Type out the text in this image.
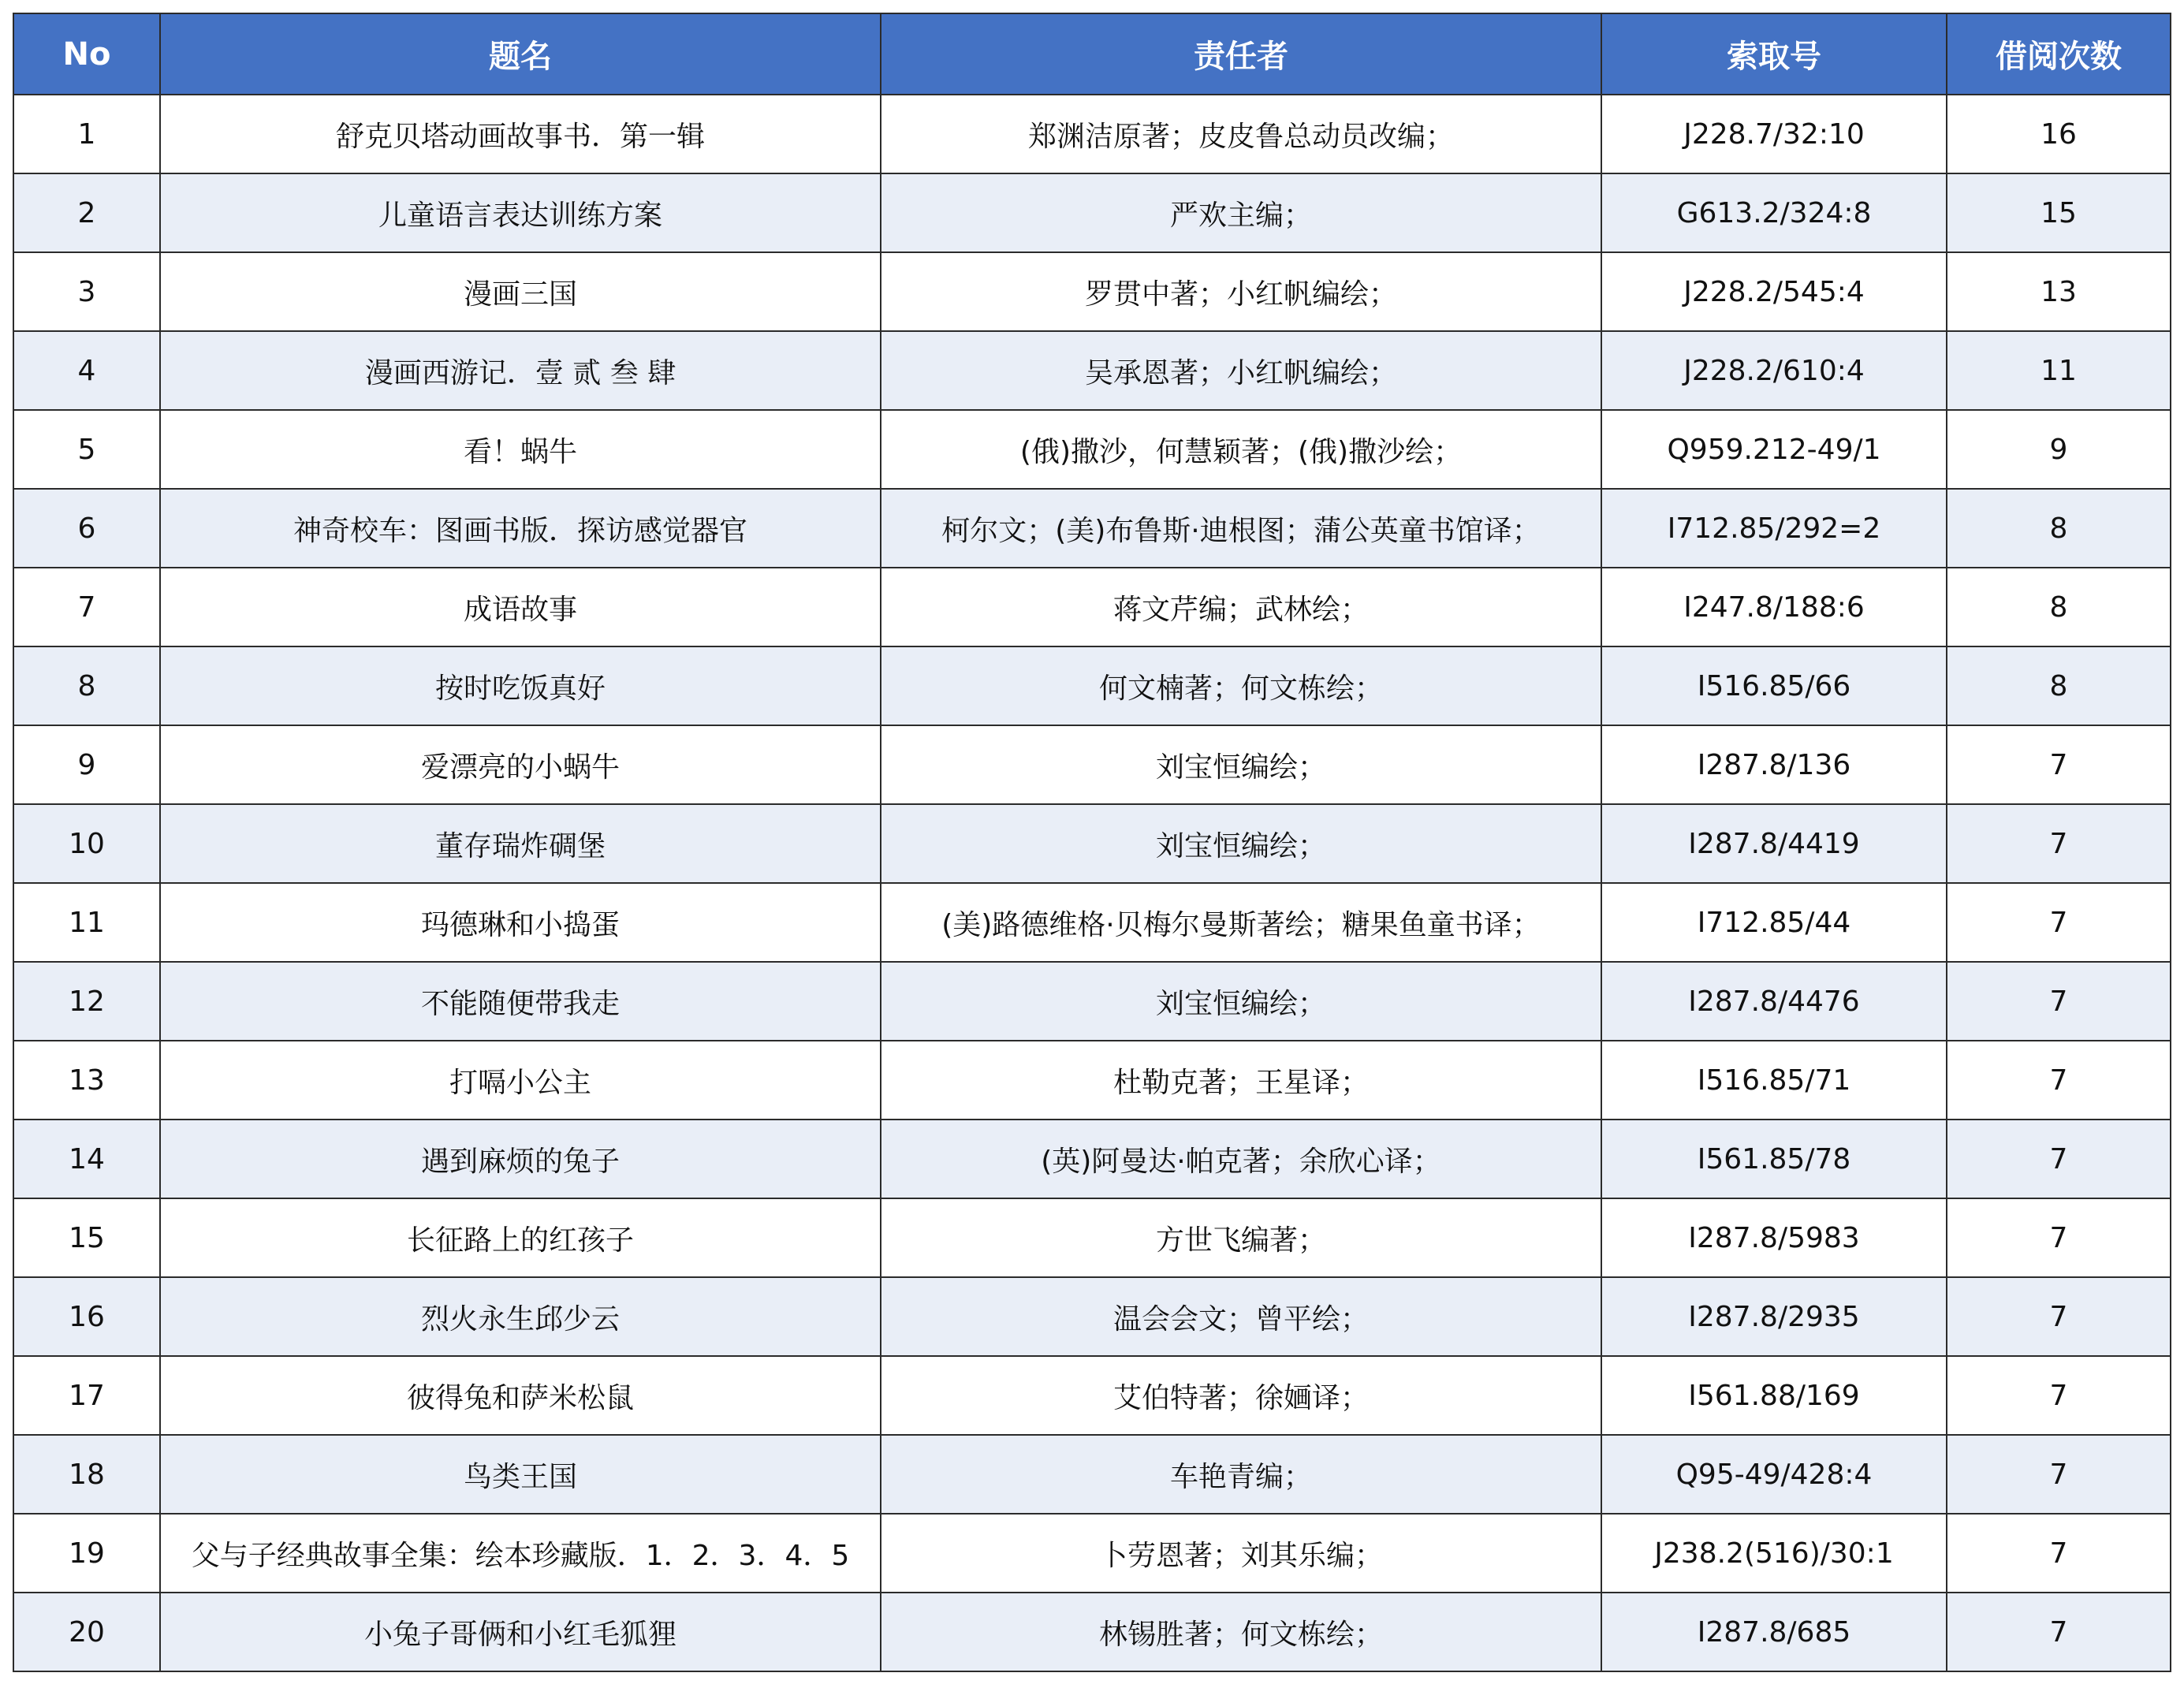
No	题名	责任者	索取号	借阅次数
1	舒克贝塔动画故事书．第一辑	郑渊洁原著；皮皮鲁总动员改编；	J228.7/32:10	16
2	儿童语言表达训练方案	严欢主编；	G613.2/324:8	15
3	漫画三国	罗贯中著；小红帆编绘；	J228.2/545:4	13
4	漫画西游记．壹 贰 叁 肆	吴承恩著；小红帆编绘；	J228.2/610:4	11
5	看！蜗牛	(俄)撒沙，何慧颖著；(俄)撒沙绘；	Q959.212-49/1	9
6	神奇校车：图画书版．探访感觉器官	柯尔文；(美)布鲁斯·迪根图；蒲公英童书馆译；	I712.85/292=2	8
7	成语故事	蒋文芹编；武林绘；	I247.8/188:6	8
8	按时吃饭真好	何文楠著；何文栋绘；	I516.85/66	8
9	爱漂亮的小蜗牛	刘宝恒编绘；	I287.8/136	7
10	董存瑞炸碉堡	刘宝恒编绘；	I287.8/4419	7
11	玛德琳和小捣蛋	(美)路德维格·贝梅尔曼斯著绘；糖果鱼童书译；	I712.85/44	7
12	不能随便带我走	刘宝恒编绘；	I287.8/4476	7
13	打嗝小公主	杜勒克著；王星译；	I516.85/71	7
14	遇到麻烦的兔子	(英)阿曼达·帕克著；余欣心译；	I561.85/78	7
15	长征路上的红孩子	方世飞编著；	I287.8/5983	7
16	烈火永生邱少云	温会会文；曾平绘；	I287.8/2935	7
17	彼得兔和萨米松鼠	艾伯特著；徐婳译；	I561.88/169	7
18	鸟类王国	车艳青编；	Q95-49/428:4	7
19	父与子经典故事全集：绘本珍藏版．1．2．3．4．5	卜劳恩著；刘其乐编；	J238.2(516)/30:1	7
20	小兔子哥俩和小红毛狐狸	林锡胜著；何文栋绘；	I287.8/685	7
